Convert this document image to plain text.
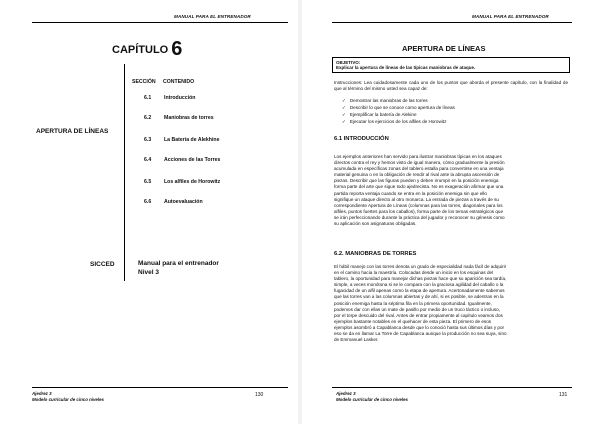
MANUAL PARA EL ENTRENADOR
CAPÍTULO 6
SECCIÓN CONTENIDO
6.1 Introducción
6.2 Maniobras de torres
6.3 La Batería de Alekhine
6.4 Acciones de las Torres
6.5 Los alfiles de Horowitz
6.6 Autoevaluación
APERTURA DE LÍNEAS
SICCED	Manual para el entrenador
Nivel 3
Ajedrez 3
Modelo curricular de cinco niveles
130
MANUAL PARA EL ENTRENADOR
APERTURA DE LÍNEAS
OBJETIVO:
Explicar la apertura de líneas de las típicas maniobras de ataque.
Instrucciones: Lea cuidadosamente cada uno de los puntos que aborda el presente capítulo, con la finalidad de que al término del mismo usted sea capaz de:
✓ Demostrar las maniobras de las torres
✓ Describir lo que se conoce como apertura de líneas
✓ Ejemplificar la batería de Alekine
✓ Ejecutar los ejercicios de los alfiles de Horowitz
6.1 INTRODUCCIÓN
Los ejemplos anteriores han servido para ilustrar maniobras típicas en los ataques
directos contra el rey y hemos visto de igual manera, cómo gradualmente la presión
acumulada en específicas zonas del tablero estalla para convertirse en una ventaja
material genuina o en la obligación de rendir al rival ante la abrupta ascensión de
piezas. Describir que las figuras pueden y deben irrumpir en la posición enemiga
forma parte del arte que sigue todo ajedrecista. No es exageración afirmar que una
partida reporta ventaja cuando se entra en la posición enemiga sin que ello
signifique un ataque directo al otro monarca. La entrada de piezas a través de su
correspondiente Apertura de Líneas (columnas para las torres, diagonales para los
alfiles, puntos fuertes para los caballos), forma parte de los temas estratégicos que
se irán perfeccionando durante la práctica del jugador y reconocer su génesis como
su aplicación son asignaturas obligadas.
6.2. MANIOBRAS DE TORRES
El hábil manejo con las torres denota un grado de especialidad nada fácil de adquirir
en el camino hacia la maestría. Colocadas desde un inicio en los esquinas del
tablero, la oportunidad para manejar dichas piezas hace que su aparición sea tardía,
simple, a veces monótona si se le compara con la graciosa agilidad del caballo o la
fugacidad de un alfil apenas como la etapa de apertura. Acertonadamente sabemos
que las torres van a las columnas abiertas y de ahí, si es posible, se adentran en la
posición enemiga hasta la séptima fila en la primera oportunidad. Igualmente,
podemos dar con ellas un mate de pasillo por medio de un truco táctico o incluso,
por el torpe descuido del rival. Antes de entrar propiamente al capítulo veamos dos
ejemplos bastante notables en el quehacer de esta pieza. El primero de esos
ejemplos asombró a Capablanca desde que lo conoció hasta sus últimos días y por
eso se da en llamar La Torre de Capablanca aunque la producción no sea suya, sino
de Emmanuel Lasker.
Ajedrez 3
Modelo curricular de cinco niveles
131
